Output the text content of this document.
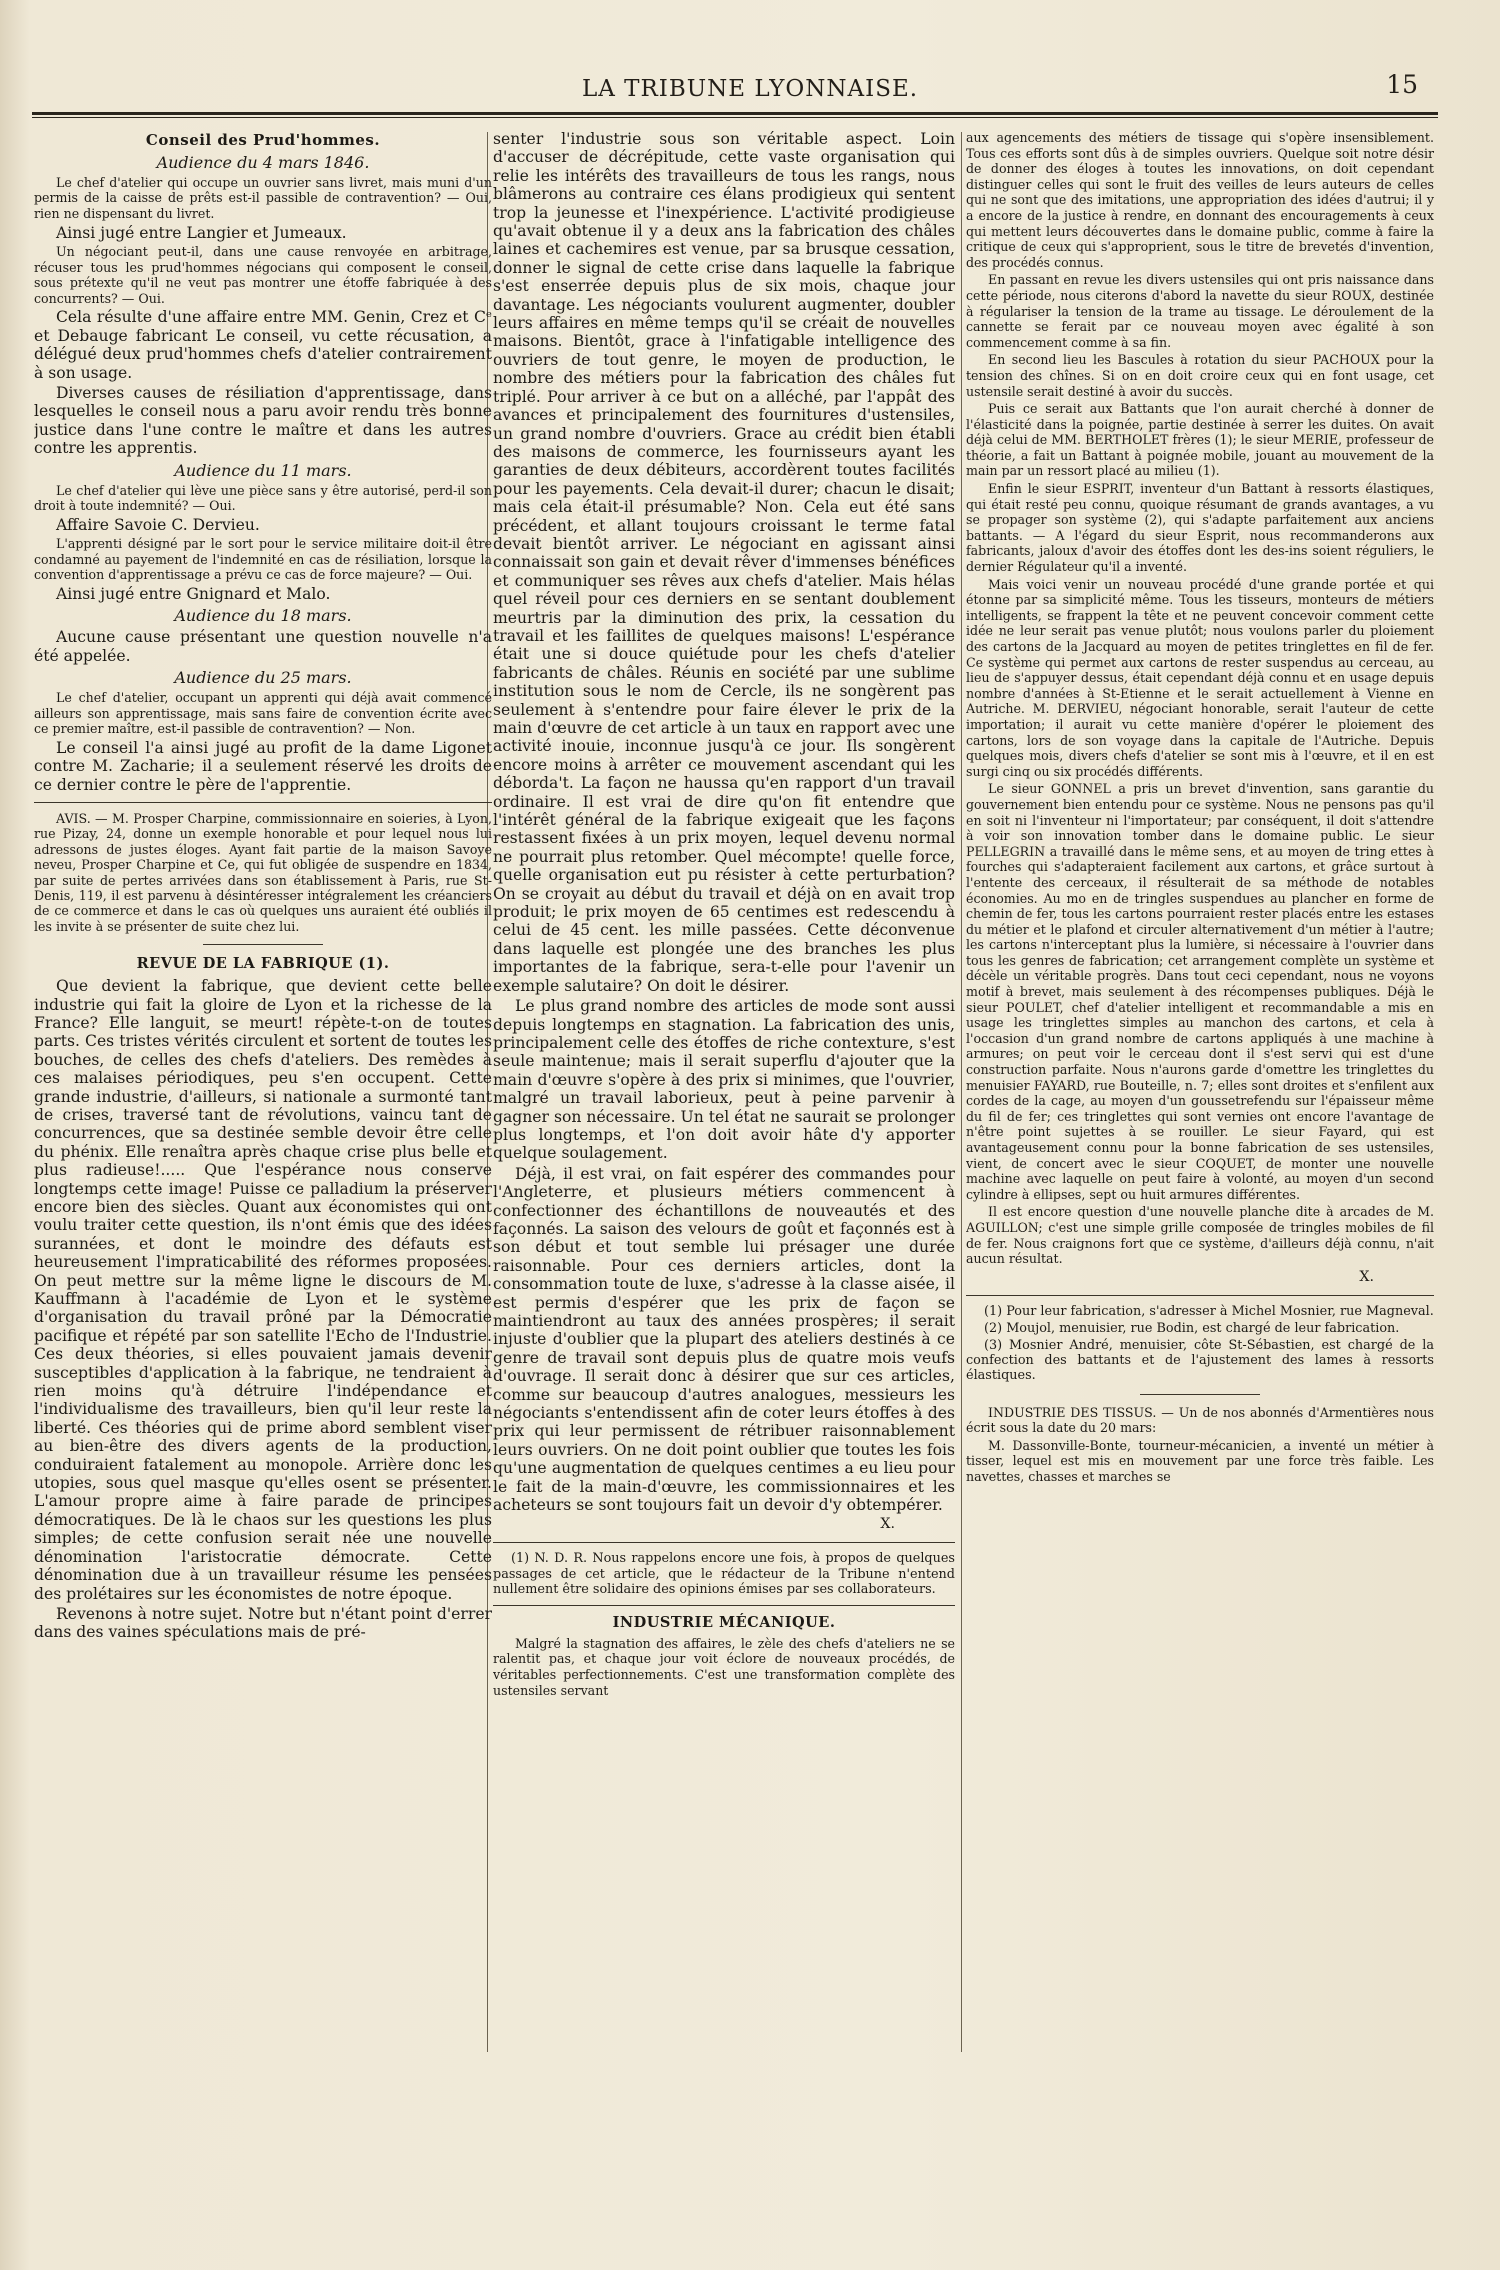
LA TRIBUNE LYONNAISE.	15
Conseil des Prud'hommes.
Audience du 4 mars 1846.

Le chef d'atelier qui occupe un ouvrier sans livret, mais muni d'un permis de la caisse de prêts est-il passible de contravention? — Oui, rien ne dispensant du livret.

Ainsi jugé entre Langier et Jumeaux.

Un négociant peut-il, dans une cause renvoyée en arbitrage, récuser tous les prud'hommes négocians qui composent le conseil, sous prétexte qu'il ne veut pas montrer une étoffe fabriquée à des concurrents? — Oui.

Cela résulte d'une affaire entre MM. Genin, Crez et Cᵉ et Debauge fabricant Le conseil, vu cette récusation, a délégué deux prud'hommes chefs d'atelier contrairement à son usage.

Diverses causes de résiliation d'apprentissage, dans lesquelles le conseil nous a paru avoir rendu très bonne justice dans l'une contre le maître et dans les autres contre les apprentis.

Audience du 11 mars.

Le chef d'atelier qui lève une pièce sans y être autorisé, perd-il son droit à toute indemnité? — Oui.

Affaire Savoie C. Dervieu.

L'apprenti désigné par le sort pour le service militaire doit-il être condamné au payement de l'indemnité en cas de résiliation, lorsque la convention d'apprentissage a prévu ce cas de force majeure? — Oui.

Ainsi jugé entre Gnignard et Malo.

Audience du 18 mars.

Aucune cause présentant une question nouvelle n'a été appelée.

Audience du 25 mars.

Le chef d'atelier, occupant un apprenti qui déjà avait commencé ailleurs son apprentissage, mais sans faire de convention écrite avec ce premier maître, est-il passible de contravention? — Non.

Le conseil l'a ainsi jugé au profit de la dame Ligonet contre M. Zacharie; il a seulement réservé les droits de ce dernier contre le père de l'apprentie.

AVIS. — M. Prosper Charpine, commissionnaire en soieries, à Lyon, rue Pizay, 24, donne un exemple honorable et pour lequel nous lui adressons de justes éloges. Ayant fait partie de la maison Savoye neveu, Prosper Charpine et Ce, qui fut obligée de suspendre en 1834, par suite de pertes arrivées dans son établissement à Paris, rue St-Denis, 119, il est parvenu à désintéresser intégralement les créanciers de ce commerce et dans le cas où quelques uns auraient été oubliés il les invite à se présenter de suite chez lui.

REVUE DE LA FABRIQUE (1).

Que devient la fabrique, que devient cette belle industrie qui fait la gloire de Lyon et la richesse de la France? Elle languit, se meurt! répète-t-on de toutes parts. Ces tristes vérités circulent et sortent de toutes les bouches, de celles des chefs d'ateliers. Des remèdes à ces malaises périodiques, peu s'en occupent. Cette grande industrie, d'ailleurs, si nationale a surmonté tant de crises, traversé tant de révolutions, vaincu tant de concurrences, que sa destinée semble devoir être celle du phénix. Elle renaîtra après chaque crise plus belle et plus radieuse!..... Que l'espérance nous conserve longtemps cette image! Puisse ce palladium la préserver encore bien des siècles. Quant aux économistes qui ont voulu traiter cette question, ils n'ont émis que des idées surannées, et dont le moindre des défauts est heureusement l'impraticabilité des réformes proposées. On peut mettre sur la même ligne le discours de M. Kauffmann à l'académie de Lyon et le système d'organisation du travail prôné par la Démocratie pacifique et répété par son satellite l'Echo de l'Industrie. Ces deux théories, si elles pouvaient jamais devenir susceptibles d'application à la fabrique, ne tendraient à rien moins qu'à détruire l'indépendance et l'individualisme des travailleurs, bien qu'il leur reste la liberté. Ces théories qui de prime abord semblent viser au bien-être des divers agents de la production, conduiraient fatalement au monopole. Arrière donc les utopies, sous quel masque qu'elles osent se présenter. L'amour propre aime à faire parade de principes démocratiques. De là le chaos sur les questions les plus simples; de cette confusion serait née une nouvelle dénomination l'aristocratie démocrate. Cette dénomination due à un travailleur résume les pensées des prolétaires sur les économistes de notre époque.

Revenons à notre sujet. Notre but n'étant point d'errer dans des vaines spéculations mais de pré-

senter l'industrie sous son véritable aspect. Loin d'accuser de décrépitude, cette vaste organisation qui relie les intérêts des travailleurs de tous les rangs, nous blâmerons au contraire ces élans prodigieux qui sentent trop la jeunesse et l'inexpérience. L'activité prodigieuse qu'avait obtenue il y a deux ans la fabrication des châles laines et cachemires est venue, par sa brusque cessation, donner le signal de cette crise dans laquelle la fabrique s'est enserrée depuis plus de six mois, chaque jour davantage. Les négociants voulurent augmenter, doubler leurs affaires en même temps qu'il se créait de nouvelles maisons. Bientôt, grace à l'infatigable intelligence des ouvriers de tout genre, le moyen de production, le nombre des métiers pour la fabrication des châles fut triplé. Pour arriver à ce but on a alléché, par l'appât des avances et principalement des fournitures d'ustensiles, un grand nombre d'ouvriers. Grace au crédit bien établi des maisons de commerce, les fournisseurs ayant les garanties de deux débiteurs, accordèrent toutes facilités pour les payements. Cela devait-il durer; chacun le disait; mais cela était-il présumable? Non. Cela eut été sans précédent, et allant toujours croissant le terme fatal devait bientôt arriver. Le négociant en agissant ainsi connaissait son gain et devait rêver d'immenses bénéfices et communiquer ses rêves aux chefs d'atelier. Mais hélas quel réveil pour ces derniers en se sentant doublement meurtris par la diminution des prix, la cessation du travail et les faillites de quelques maisons! L'espérance était une si douce quiétude pour les chefs d'atelier fabricants de châles. Réunis en société par une sublime institution sous le nom de Cercle, ils ne songèrent pas seulement à s'entendre pour faire élever le prix de la main d'œuvre de cet article à un taux en rapport avec une activité inouie, inconnue jusqu'à ce jour. Ils songèrent encore moins à arrêter ce mouvement ascendant qui les déborda't. La façon ne haussa qu'en rapport d'un travail ordinaire. Il est vrai de dire qu'on fit entendre que l'intérêt général de la fabrique exigeait que les façons restassent fixées à un prix moyen, lequel devenu normal ne pourrait plus retomber. Quel mécompte! quelle force, quelle organisation eut pu résister à cette perturbation? On se croyait au début du travail et déjà on en avait trop produit; le prix moyen de 65 centimes est redescendu à celui de 45 cent. les mille passées. Cette déconvenue dans laquelle est plongée une des branches les plus importantes de la fabrique, sera-t-elle pour l'avenir un exemple salutaire? On doit le désirer.

Le plus grand nombre des articles de mode sont aussi depuis longtemps en stagnation. La fabrication des unis, principalement celle des étoffes de riche contexture, s'est seule maintenue; mais il serait superflu d'ajouter que la main d'œuvre s'opère à des prix si minimes, que l'ouvrier, malgré un travail laborieux, peut à peine parvenir à gagner son nécessaire. Un tel état ne saurait se prolonger plus longtemps, et l'on doit avoir hâte d'y apporter quelque soulagement.

Déjà, il est vrai, on fait espérer des commandes pour l'Angleterre, et plusieurs métiers commencent à confectionner des échantillons de nouveautés et des façonnés. La saison des velours de goût et façonnés est à son début et tout semble lui présager une durée raisonnable. Pour ces derniers articles, dont la consommation toute de luxe, s'adresse à la classe aisée, il est permis d'espérer que les prix de façon se maintiendront au taux des années prospères; il serait injuste d'oublier que la plupart des ateliers destinés à ce genre de travail sont depuis plus de quatre mois veufs d'ouvrage. Il serait donc à désirer que sur ces articles, comme sur beaucoup d'autres analogues, messieurs les négociants s'entendissent afin de coter leurs étoffes à des prix qui leur permissent de rétribuer raisonnablement leurs ouvriers. On ne doit point oublier que toutes les fois qu'une augmentation de quelques centimes a eu lieu pour le fait de la main-d'œuvre, les commissionnaires et les acheteurs se sont toujours fait un devoir d'y obtempérer.

X.

(1) N. D. R. Nous rappelons encore une fois, à propos de quelques passages de cet article, que le rédacteur de la Tribune n'entend nullement être solidaire des opinions émises par ses collaborateurs.

INDUSTRIE MÉCANIQUE.

Malgré la stagnation des affaires, le zèle des chefs d'ateliers ne se ralentit pas, et chaque jour voit éclore de nouveaux procédés, de véritables perfectionnements. C'est une transformation complète des ustensiles servant

aux agencements des métiers de tissage qui s'opère insensiblement. Tous ces efforts sont dûs à de simples ouvriers. Quelque soit notre désir de donner des éloges à toutes les innovations, on doit cependant distinguer celles qui sont le fruit des veilles de leurs auteurs de celles qui ne sont que des imitations, une appropriation des idées d'autrui; il y a encore de la justice à rendre, en donnant des encouragements à ceux qui mettent leurs découvertes dans le domaine public, comme à faire la critique de ceux qui s'approprient, sous le titre de brevetés d'invention, des procédés connus.

En passant en revue les divers ustensiles qui ont pris naissance dans cette période, nous citerons d'abord la navette du sieur ROUX, destinée à régulariser la tension de la trame au tissage. Le déroulement de la cannette se ferait par ce nouveau moyen avec égalité à son commencement comme à sa fin.

En second lieu les Bascules à rotation du sieur PACHOUX pour la tension des chînes. Si on en doit croire ceux qui en font usage, cet ustensile serait destiné à avoir du succès.

Puis ce serait aux Battants que l'on aurait cherché à donner de l'élasticité dans la poignée, partie destinée à serrer les duites. On avait déjà celui de MM. BERTHOLET frères (1); le sieur MERIE, professeur de théorie, a fait un Battant à poignée mobile, jouant au mouvement de la main par un ressort placé au milieu (1).

Enfin le sieur ESPRIT, inventeur d'un Battant à ressorts élastiques, qui était resté peu connu, quoique résumant de grands avantages, a vu se propager son système (2), qui s'adapte parfaitement aux anciens battants. — A l'égard du sieur Esprit, nous recommanderons aux fabricants, jaloux d'avoir des étoffes dont les des-ins soient réguliers, le dernier Régulateur qu'il a inventé.

Mais voici venir un nouveau procédé d'une grande portée et qui étonne par sa simplicité même. Tous les tisseurs, monteurs de métiers intelligents, se frappent la tête et ne peuvent concevoir comment cette idée ne leur serait pas venue plutôt; nous voulons parler du ploiement des cartons de la Jacquard au moyen de petites tringlettes en fil de fer. Ce système qui permet aux cartons de rester suspendus au cerceau, au lieu de s'appuyer dessus, était cependant déjà connu et en usage depuis nombre d'années à St-Etienne et le serait actuellement à Vienne en Autriche. M. DERVIEU, négociant honorable, serait l'auteur de cette importation; il aurait vu cette manière d'opérer le ploiement des cartons, lors de son voyage dans la capitale de l'Autriche. Depuis quelques mois, divers chefs d'atelier se sont mis à l'œuvre, et il en est surgi cinq ou six procédés différents.

Le sieur GONNEL a pris un brevet d'invention, sans garantie du gouvernement bien entendu pour ce système. Nous ne pensons pas qu'il en soit ni l'inventeur ni l'importateur; par conséquent, il doit s'attendre à voir son innovation tomber dans le domaine public. Le sieur PELLEGRIN a travaillé dans le même sens, et au moyen de tring ettes à fourches qui s'adapteraient facilement aux cartons, et grâce surtout à l'entente des cerceaux, il résulterait de sa méthode de notables économies. Au mo en de tringles suspendues au plancher en forme de chemin de fer, tous les cartons pourraient rester placés entre les estases du métier et le plafond et circuler alternativement d'un métier à l'autre; les cartons n'interceptant plus la lumière, si nécessaire à l'ouvrier dans tous les genres de fabrication; cet arrangement complète un système et décèle un véritable progrès. Dans tout ceci cependant, nous ne voyons motif à brevet, mais seulement à des récompenses publiques. Déjà le sieur POULET, chef d'atelier intelligent et recommandable a mis en usage les tringlettes simples au manchon des cartons, et cela à l'occasion d'un grand nombre de cartons appliqués à une machine à armures; on peut voir le cerceau dont il s'est servi qui est d'une construction parfaite. Nous n'aurons garde d'omettre les tringlettes du menuisier FAYARD, rue Bouteille, n. 7; elles sont droites et s'enfilent aux cordes de la cage, au moyen d'un goussetrefendu sur l'épaisseur même du fil de fer; ces tringlettes qui sont vernies ont encore l'avantage de n'être point sujettes à se rouiller. Le sieur Fayard, qui est avantageusement connu pour la bonne fabrication de ses ustensiles, vient, de concert avec le sieur COQUET, de monter une nouvelle machine avec laquelle on peut faire à volonté, au moyen d'un second cylindre à ellipses, sept ou huit armures différentes.

Il est encore question d'une nouvelle planche dite à arcades de M. AGUILLON; c'est une simple grille composée de tringles mobiles de fil de fer. Nous craignons fort que ce système, d'ailleurs déjà connu, n'ait aucun résultat.

X.

(1) Pour leur fabrication, s'adresser à Michel Mosnier, rue Magneval.

(2) Moujol, menuisier, rue Bodin, est chargé de leur fabrication.

(3) Mosnier André, menuisier, côte St-Sébastien, est chargé de la confection des battants et de l'ajustement des lames à ressorts élastiques.

INDUSTRIE DES TISSUS. — Un de nos abonnés d'Armentières nous écrit sous la date du 20 mars:

M. Dassonville-Bonte, tourneur-mécanicien, a inventé un métier à tisser, lequel est mis en mouvement par une force très faible. Les navettes, chasses et marches se
